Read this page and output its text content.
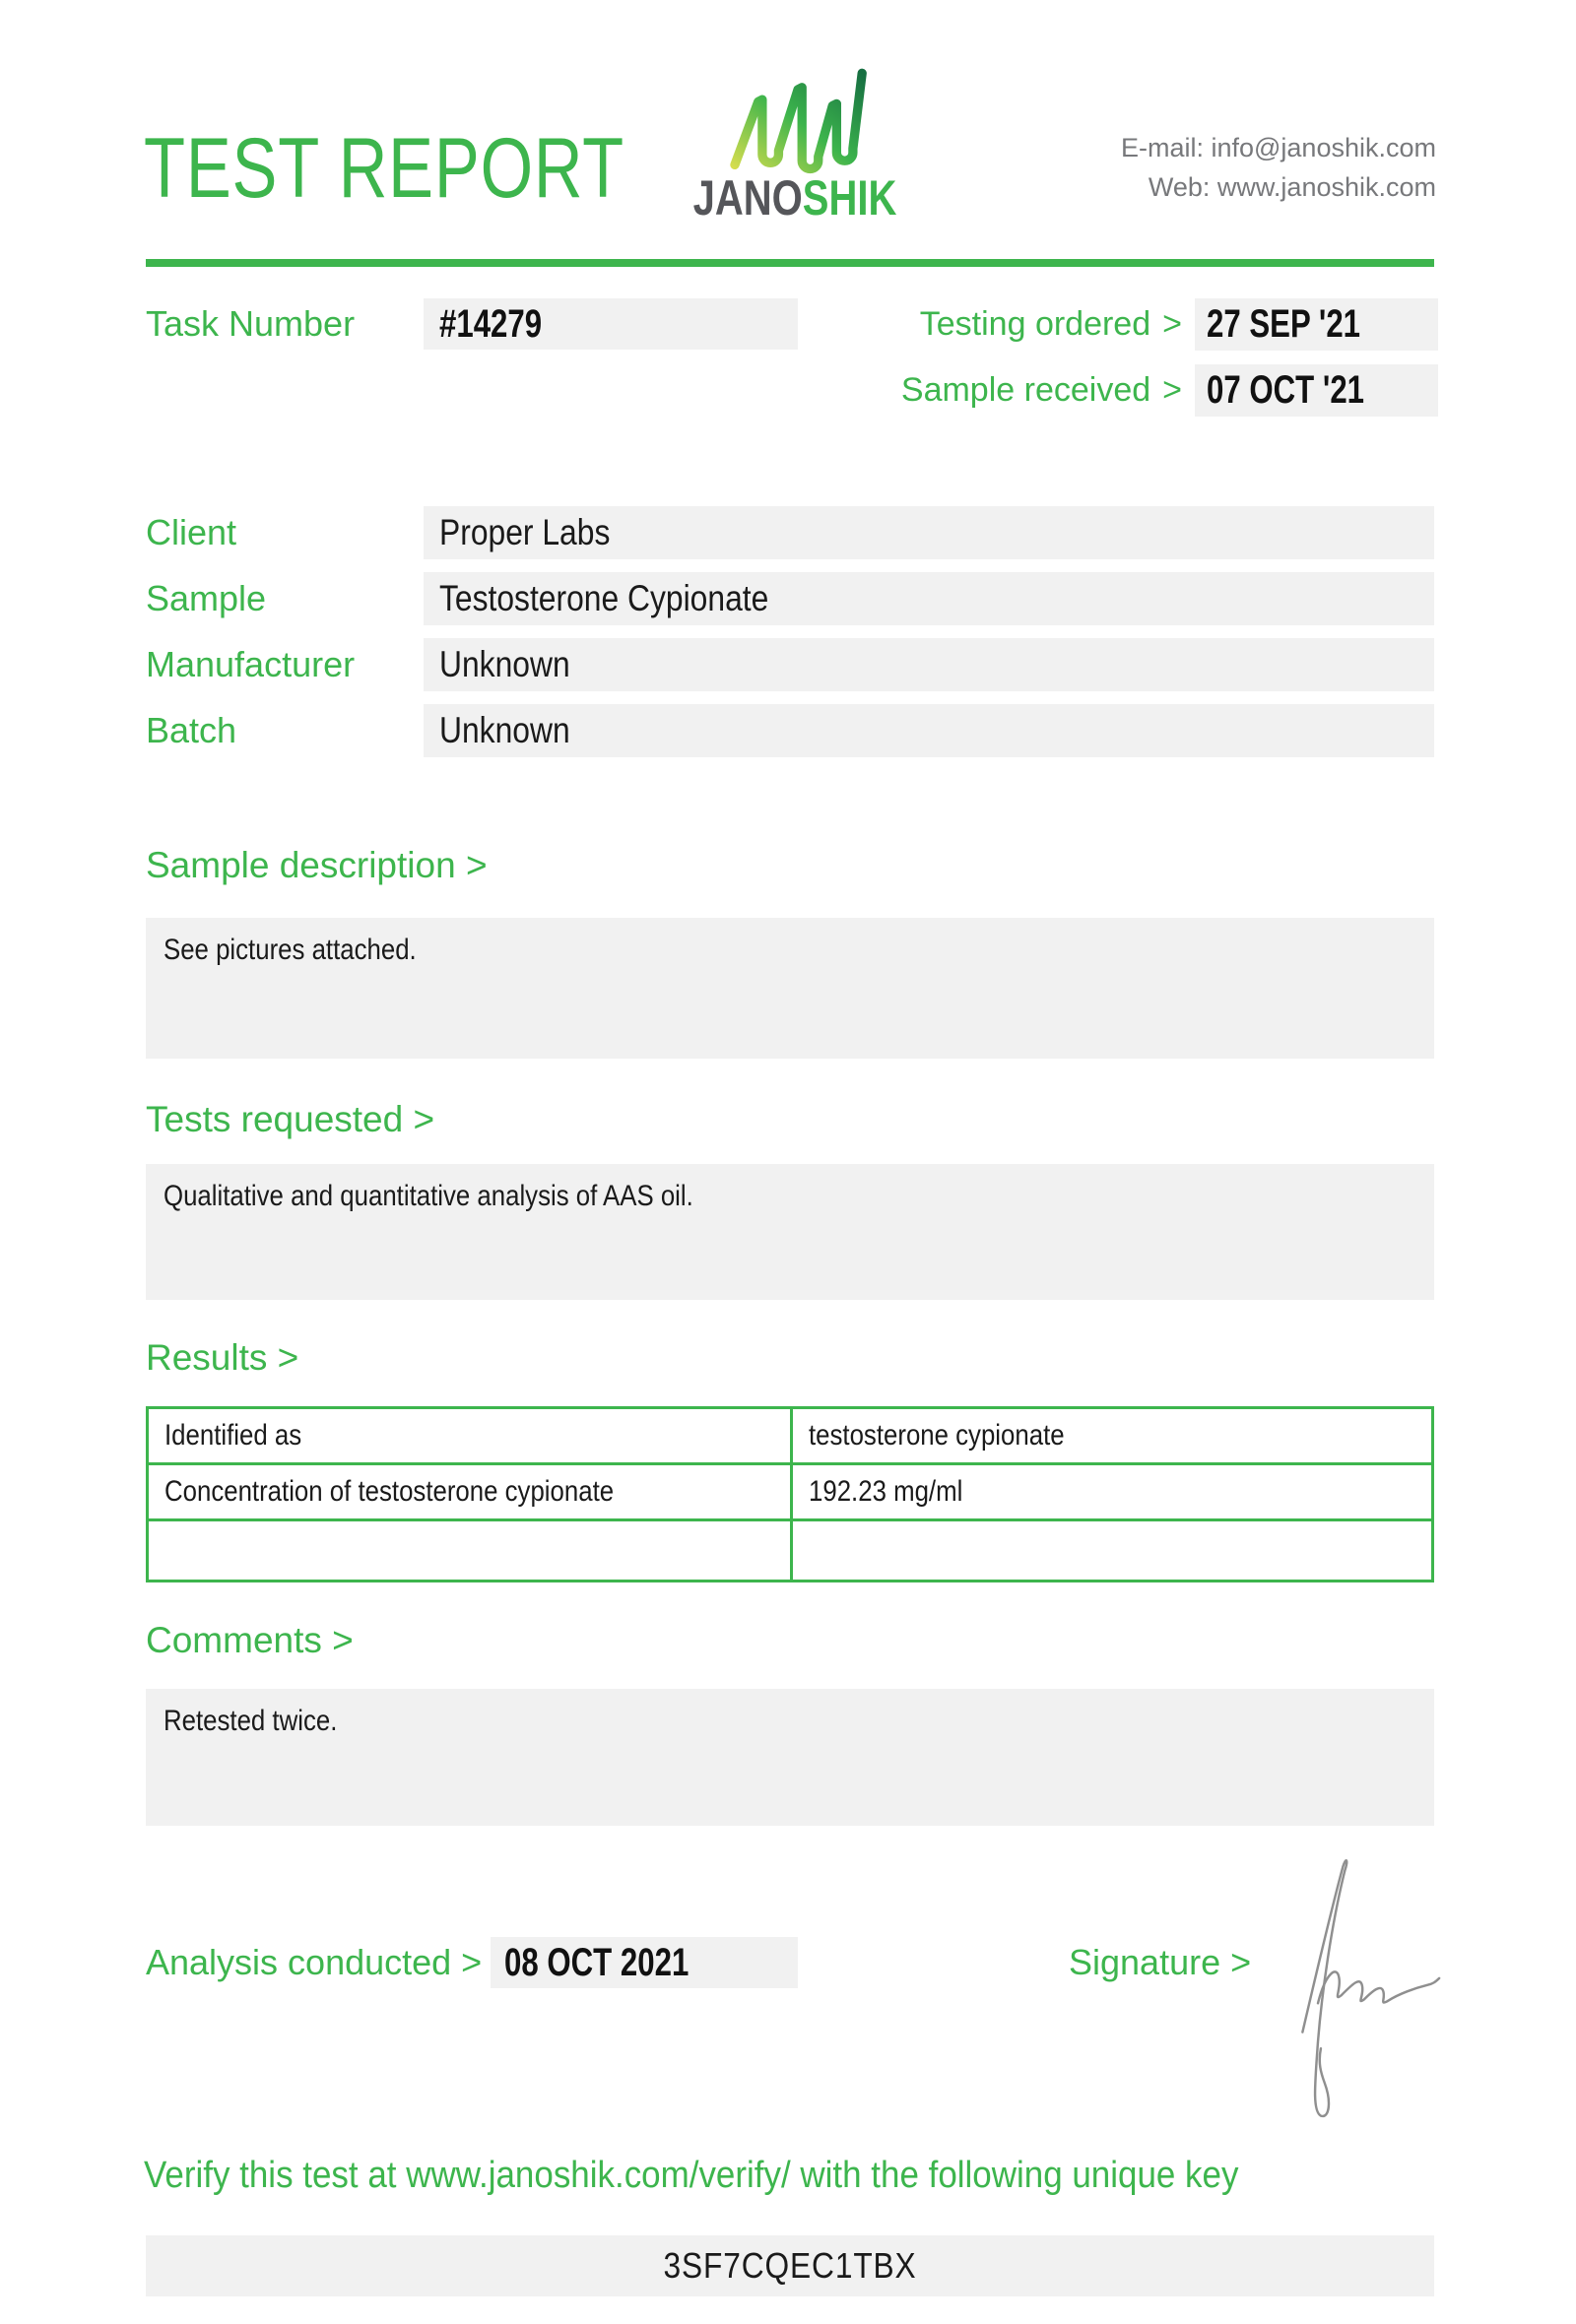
TEST REPORT JANOSHIK
E-mail: info@janoshik.com
Web: www.janoshik.com
Task Number	#14279	Testing ordered > 27 SEP '21
Sample received > 07 OCT '21
Client	Proper Labs
Sample	Testosterone Cypionate
Manufacturer	Unknown
Batch	Unknown
Sample description >
See pictures attached.
Tests requested >
Qualitative and quantitative analysis of AAS oil.
Results >
Identified as	testosterone cypionate
Concentration of testosterone cypionate	192.23 mg/ml

Comments >
Retested twice.
Analysis conducted > 08 OCT 2021	Signature >
Verify this test at www.janoshik.com/verify/ with the following unique key
3SF7CQEC1TBX
